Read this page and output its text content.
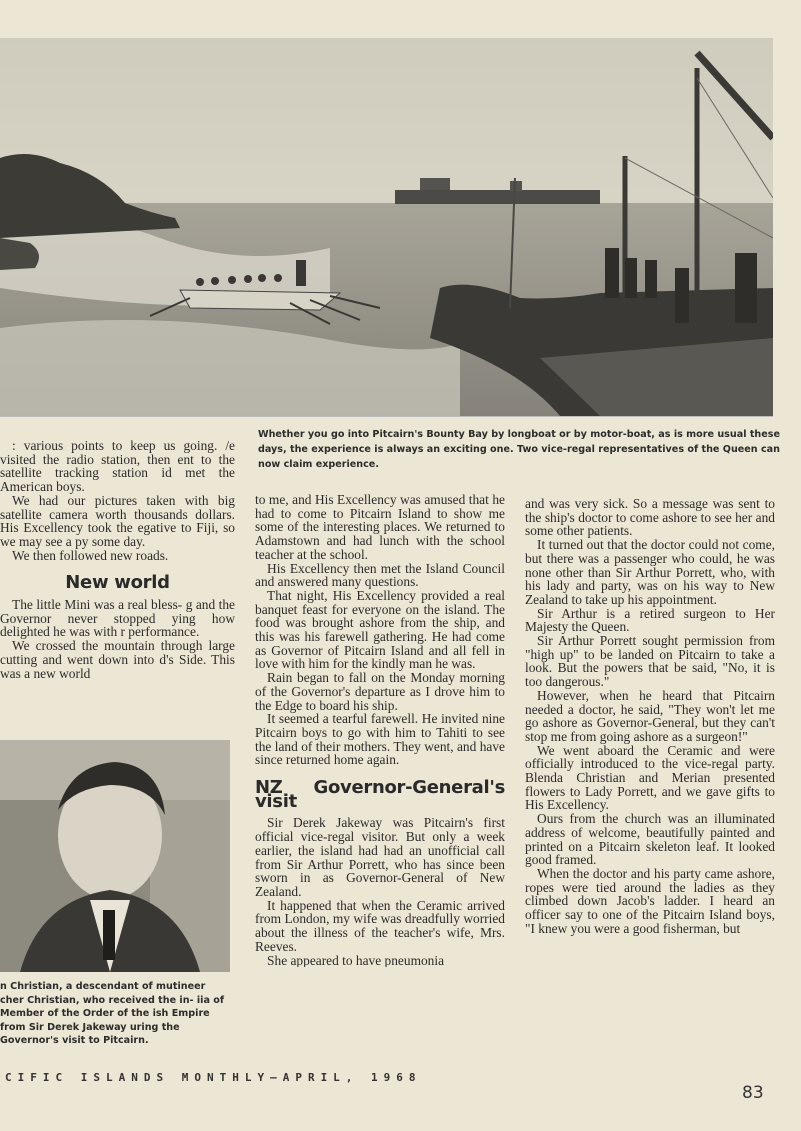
Whether you go into Pitcairn's Bounty Bay by longboat or by motor-boat, as is more usual these days, the experience is always an exciting one. Two vice-regal representatives of the Queen can now claim experience.

: various points to keep us going. /e visited the radio station, then ent to the satellite tracking station id met the American boys.

We had our pictures taken with big satellite camera worth thousands dollars. His Excellency took the egative to Fiji, so we may see a py some day.

We then followed new roads.

New world

The little Mini was a real bless- g and the Governor never stopped ying how delighted he was with r performance.

We crossed the mountain through large cutting and went down into d's Side. This was a new world

n Christian, a descendant of mutineer cher Christian, who received the in- iia of Member of the Order of the ish Empire from Sir Derek Jakeway uring the Governor's visit to Pitcairn.

to me, and His Excellency was amused that he had to come to Pitcairn Island to show me some of the interesting places. We returned to Adamstown and had lunch with the school teacher at the school.

His Excellency then met the Island Council and answered many questions.

That night, His Excellency provided a real banquet feast for everyone on the island. The food was brought ashore from the ship, and this was his farewell gathering. He had come as Governor of Pitcairn Island and all fell in love with him for the kindly man he was.

Rain began to fall on the Monday morning of the Governor's departure as I drove him to the Edge to board his ship.

It seemed a tearful farewell. He invited nine Pitcairn boys to go with him to Tahiti to see the land of their mothers. They went, and have since returned home again.

NZ Governor-General's visit

Sir Derek Jakeway was Pitcairn's first official vice-regal visitor. But only a week earlier, the island had had an unofficial call from Sir Arthur Porrett, who has since been sworn in as Governor-General of New Zealand.

It happened that when the Ceramic arrived from London, my wife was dreadfully worried about the illness of the teacher's wife, Mrs. Reeves.

She appeared to have pneumonia

and was very sick. So a message was sent to the ship's doctor to come ashore to see her and some other patients.

It turned out that the doctor could not come, but there was a passenger who could, he was none other than Sir Arthur Porrett, who, with his lady and party, was on his way to New Zealand to take up his appointment.

Sir Arthur is a retired surgeon to Her Majesty the Queen.

Sir Arthur Porrett sought permission from "high up" to be landed on Pitcairn to take a look. But the powers that be said, "No, it is too dangerous."

However, when he heard that Pitcairn needed a doctor, he said, "They won't let me go ashore as Governor-General, but they can't stop me from going ashore as a surgeon!"

We went aboard the Ceramic and were officially introduced to the vice-regal party. Blenda Christian and Merian presented flowers to Lady Porrett, and we gave gifts to His Excellency.

Ours from the church was an illuminated address of welcome, beautifully painted and printed on a Pitcairn skeleton leaf. It looked good framed.

When the doctor and his party came ashore, ropes were tied around the ladies as they climbed down Jacob's ladder. I heard an officer say to one of the Pitcairn Island boys, "I knew you were a good fisherman, but

CIFIC ISLANDS MONTHLY—APRIL, 1968
83
